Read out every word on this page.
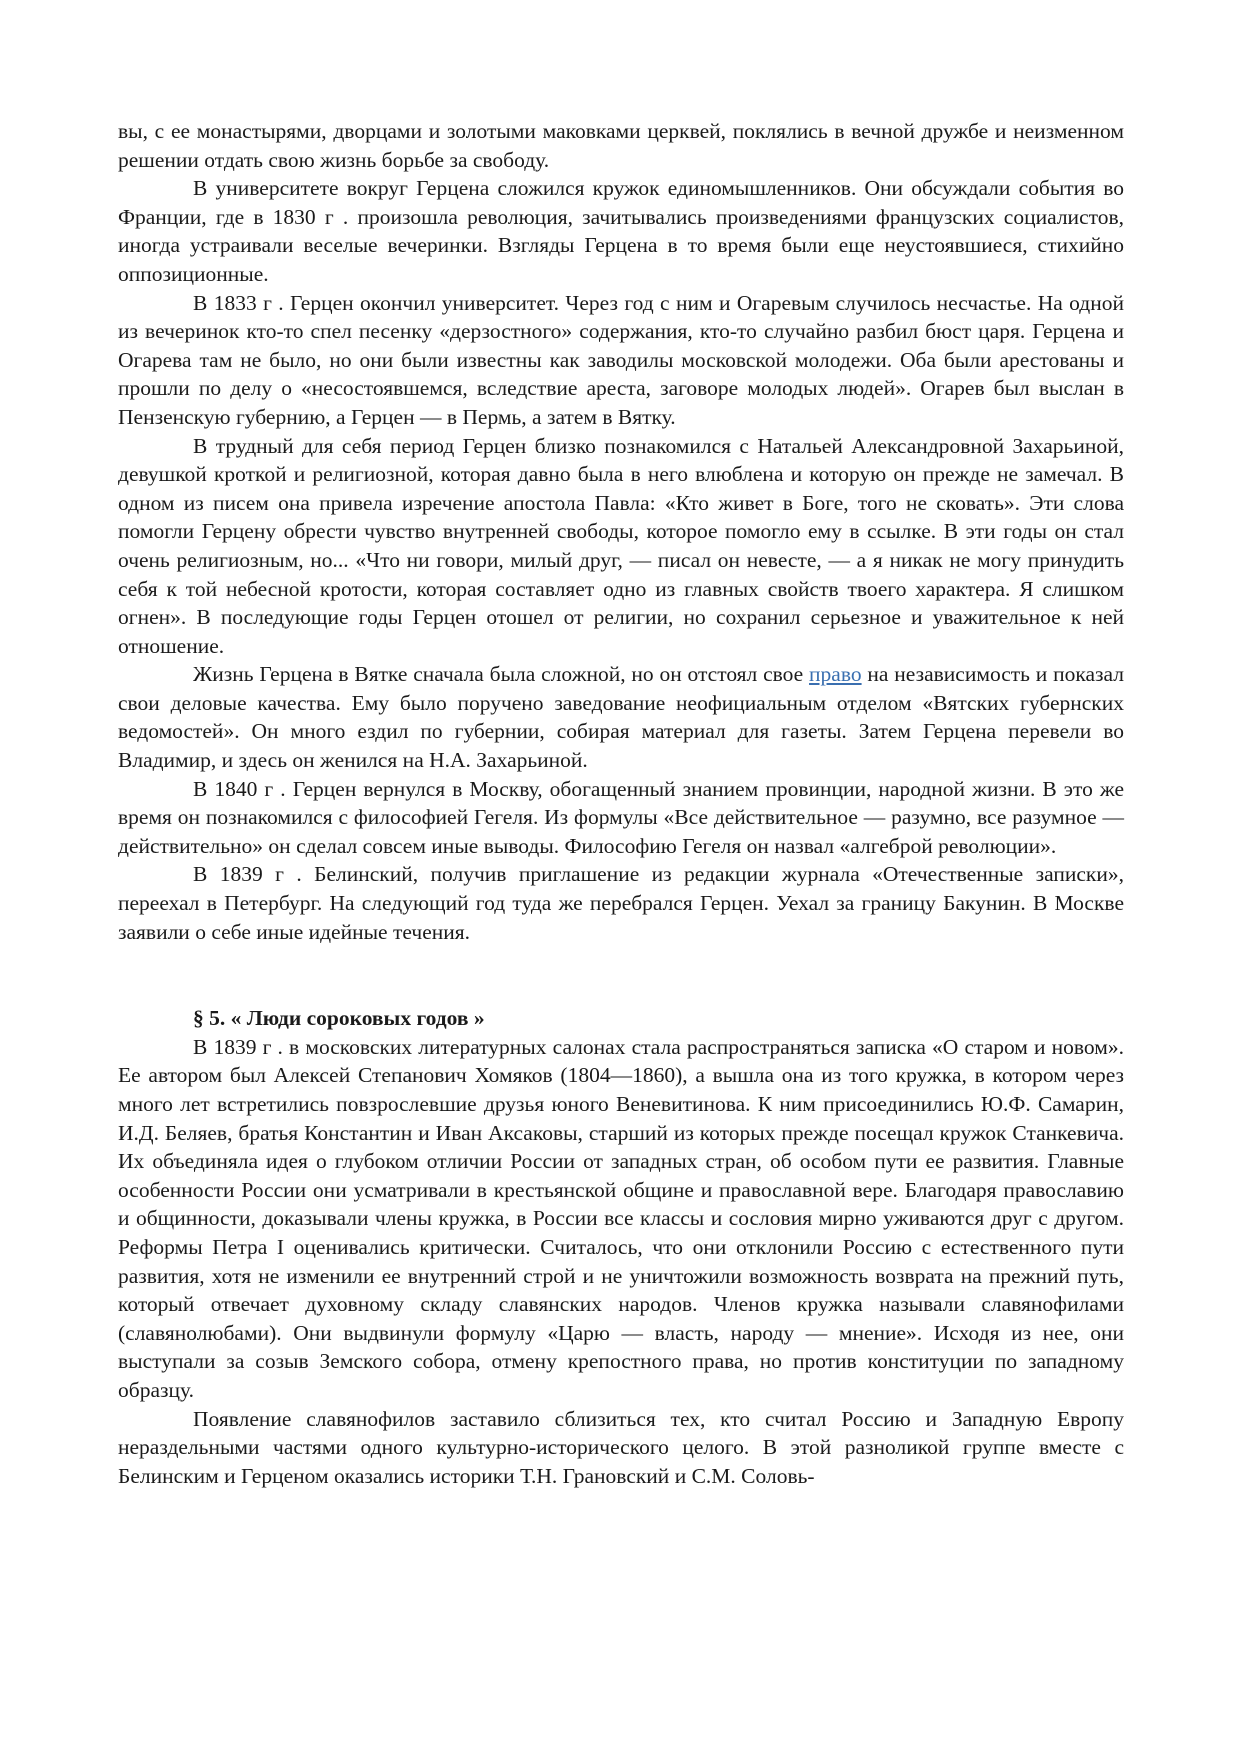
вы, с ее монастырями, дворцами и золотыми маковками церквей, поклялись в вечной дружбе и неизменном решении отдать свою жизнь борьбе за свободу.

В университете вокруг Герцена сложился кружок единомышленников. Они обсуждали события во Франции, где в 1830 г . произошла революция, зачитывались произведениями французских социалистов, иногда устраивали веселые вечеринки. Взгляды Герцена в то время были еще неустоявшиеся, стихийно оппозиционные.

В 1833 г . Герцен окончил университет. Через год с ним и Огаревым случилось несчастье. На одной из вечеринок кто-то спел песенку «дерзостного» содержания, кто-то случайно разбил бюст царя. Герцена и Огарева там не было, но они были известны как заводилы московской молодежи. Оба были арестованы и прошли по делу о «несостоявшемся, вследствие ареста, заговоре молодых людей». Огарев был выслан в Пензенскую губернию, а Герцен — в Пермь, а затем в Вятку.

В трудный для себя период Герцен близко познакомился с Натальей Александровной Захарьиной, девушкой кроткой и религиозной, которая давно была в него влюблена и которую он прежде не замечал. В одном из писем она привела изречение апостола Павла: «Кто живет в Боге, того не сковать». Эти слова помогли Герцену обрести чувство внутренней свободы, которое помогло ему в ссылке. В эти годы он стал очень религиозным, но... «Что ни говори, милый друг, — писал он невесте, — а я никак не могу принудить себя к той небесной кротости, которая составляет одно из главных свойств твоего характера. Я слишком огнен». В последующие годы Герцен отошел от религии, но сохранил серьезное и уважительное к ней отношение.

Жизнь Герцена в Вятке сначала была сложной, но он отстоял свое право на независимость и показал свои деловые качества. Ему было поручено заведование неофициальным отделом «Вятских губернских ведомостей». Он много ездил по губернии, собирая материал для газеты. Затем Герцена перевели во Владимир, и здесь он женился на Н.А. Захарьиной.

В 1840 г . Герцен вернулся в Москву, обогащенный знанием провинции, народной жизни. В это же время он познакомился с философией Гегеля. Из формулы «Все действительное — разумно, все разумное — действительно» он сделал совсем иные выводы. Философию Гегеля он назвал «алгеброй революции».

В 1839 г . Белинский, получив приглашение из редакции журнала «Отечественные записки», переехал в Петербург. На следующий год туда же перебрался Герцен. Уехал за границу Бакунин. В Москве заявили о себе иные идейные течения.

§ 5. « Люди сороковых годов »

В 1839 г . в московских литературных салонах стала распространяться записка «О старом и новом». Ее автором был Алексей Степанович Хомяков (1804—1860), а вышла она из того кружка, в котором через много лет встретились повзрослевшие друзья юного Веневитинова. К ним присоединились Ю.Ф. Самарин, И.Д. Беляев, братья Константин и Иван Аксаковы, старший из которых прежде посещал кружок Станкевича. Их объединяла идея о глубоком отличии России от западных стран, об особом пути ее развития. Главные особенности России они усматривали в крестьянской общине и православной вере. Благодаря православию и общинности, доказывали члены кружка, в России все классы и сословия мирно уживаются друг с другом. Реформы Петра I оценивались критически. Считалось, что они отклонили Россию с естественного пути развития, хотя не изменили ее внутренний строй и не уничтожили возможность возврата на прежний путь, который отвечает духовному складу славянских народов. Членов кружка называли славянофилами (славянолюбами). Они выдвинули формулу «Царю — власть, народу — мнение». Исходя из нее, они выступали за созыв Земского собора, отмену крепостного права, но против конституции по западному образцу.

Появление славянофилов заставило сблизиться тех, кто считал Россию и Западную Европу нераздельными частями одного культурно-исторического целого. В этой разноликой группе вместе с Белинским и Герценом оказались историки Т.Н. Грановский и С.М. Соловь-
